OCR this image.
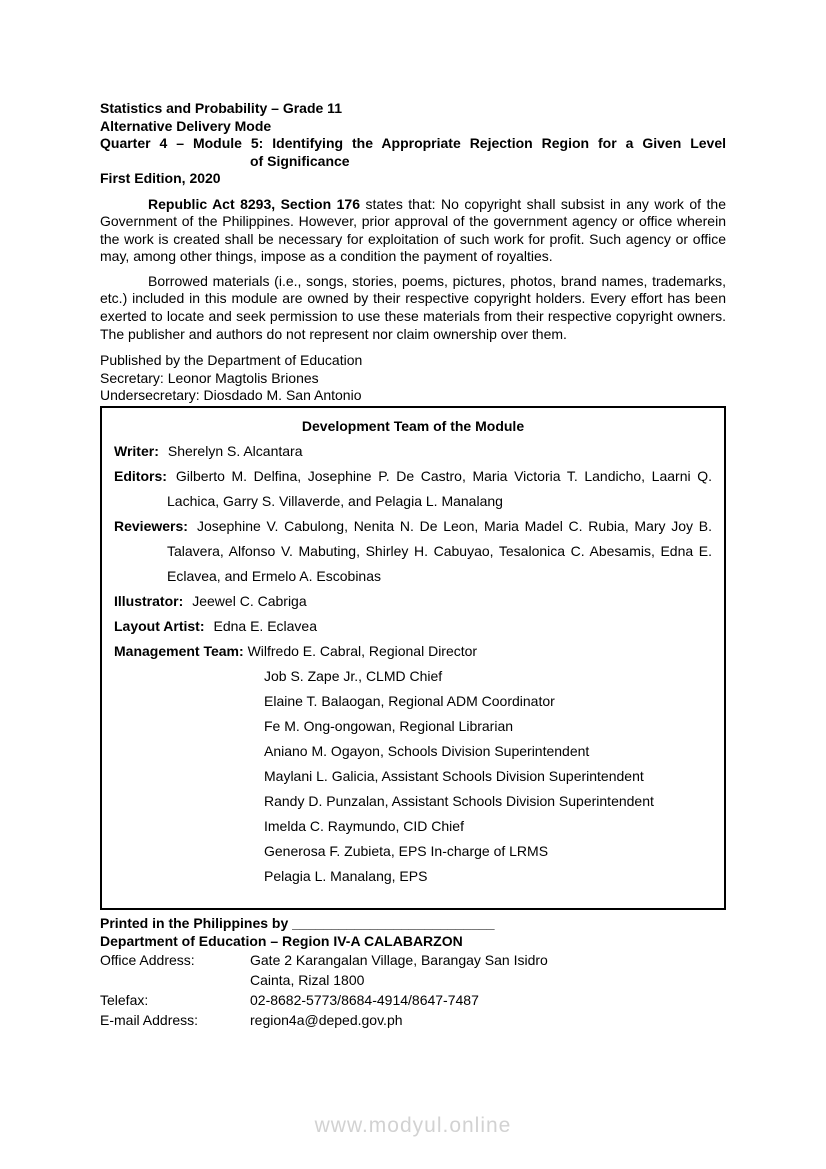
Statistics and Probability – Grade 11
Alternative Delivery Mode
Quarter 4 – Module 5: Identifying the Appropriate Rejection Region for a Given Level
of Significance
First Edition, 2020

Republic Act 8293, Section 176 states that: No copyright shall subsist in any work of the Government of the Philippines. However, prior approval of the government agency or office wherein the work is created shall be necessary for exploitation of such work for profit. Such agency or office may, among other things, impose as a condition the payment of royalties.

Borrowed materials (i.e., songs, stories, poems, pictures, photos, brand names, trademarks, etc.) included in this module are owned by their respective copyright holders. Every effort has been exerted to locate and seek permission to use these materials from their respective copyright owners. The publisher and authors do not represent nor claim ownership over them.

Published by the Department of Education
Secretary: Leonor Magtolis Briones
Undersecretary: Diosdado M. San Antonio
Development Team of the Module
Writer: Sherelyn S. Alcantara
Editors: Gilberto M. Delfina, Josephine P. De Castro, Maria Victoria T. Landicho, Laarni Q. Lachica, Garry S. Villaverde, and Pelagia L. Manalang
Reviewers: Josephine V. Cabulong, Nenita N. De Leon, Maria Madel C. Rubia, Mary Joy B. Talavera, Alfonso V. Mabuting, Shirley H. Cabuyao, Tesalonica C. Abesamis, Edna E. Eclavea, and Ermelo A. Escobinas
Illustrator: Jeewel C. Cabriga
Layout Artist: Edna E. Eclavea
Management Team: Wilfredo E. Cabral, Regional Director
Job S. Zape Jr., CLMD Chief
Elaine T. Balaogan, Regional ADM Coordinator
Fe M. Ong-ongowan, Regional Librarian
Aniano M. Ogayon, Schools Division Superintendent
Maylani L. Galicia, Assistant Schools Division Superintendent
Randy D. Punzalan, Assistant Schools Division Superintendent
Imelda C. Raymundo, CID Chief
Generosa F. Zubieta, EPS In-charge of LRMS
Pelagia L. Manalang, EPS
Printed in the Philippines by __________________________
Department of Education – Region IV-A CALABARZON
Office Address:	Gate 2 Karangalan Village, Barangay San Isidro
Cainta, Rizal 1800
Telefax:	02-8682-5773/8684-4914/8647-7487
E-mail Address:	region4a@deped.gov.ph
www.modyul.online
